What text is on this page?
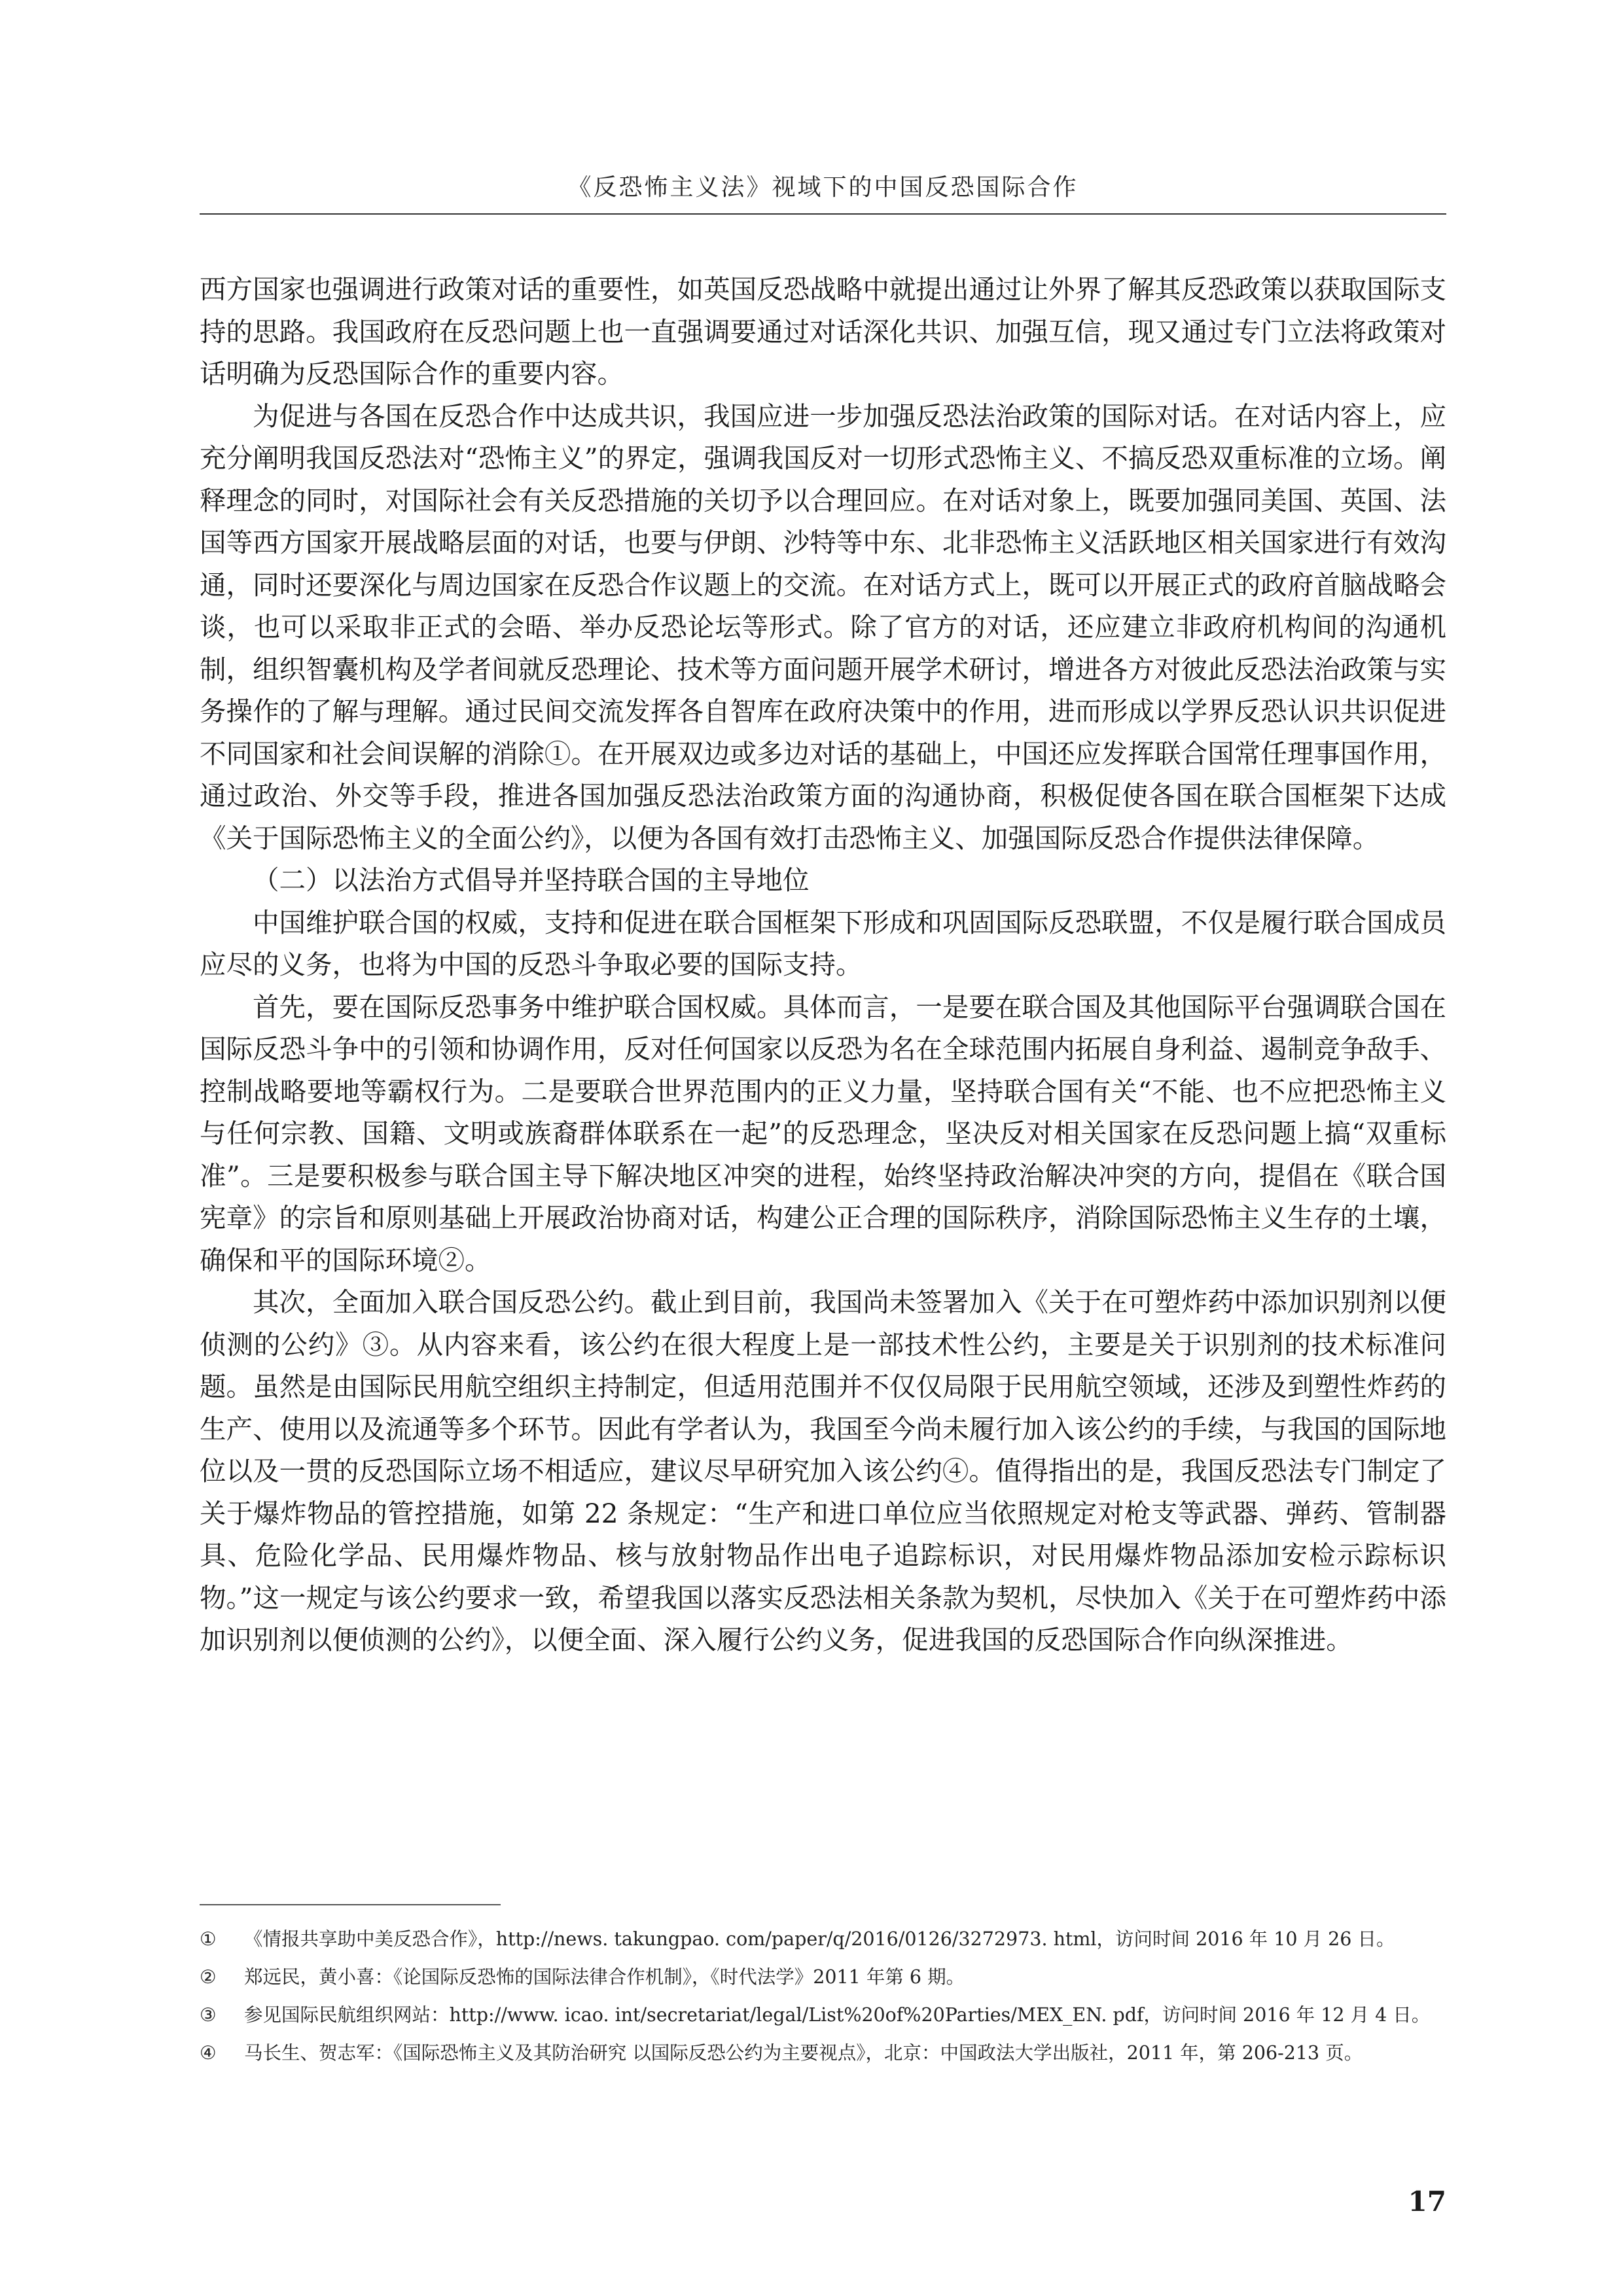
《反恐怖主义法》视域下的中国反恐国际合作

西方国家也强调进行政策对话的重要性，如英国反恐战略中就提出通过让外界了解其反恐政策以获取国际支持的思路。我国政府在反恐问题上也一直强调要通过对话深化共识、加强互信，现又通过专门立法将政策对话明确为反恐国际合作的重要内容。

为促进与各国在反恐合作中达成共识，我国应进一步加强反恐法治政策的国际对话。在对话内容上，应充分阐明我国反恐法对“恐怖主义”的界定，强调我国反对一切形式恐怖主义、不搞反恐双重标准的立场。阐释理念的同时，对国际社会有关反恐措施的关切予以合理回应。在对话对象上，既要加强同美国、英国、法国等西方国家开展战略层面的对话，也要与伊朗、沙特等中东、北非恐怖主义活跃地区相关国家进行有效沟通，同时还要深化与周边国家在反恐合作议题上的交流。在对话方式上，既可以开展正式的政府首脑战略会谈，也可以采取非正式的会晤、举办反恐论坛等形式。除了官方的对话，还应建立非政府机构间的沟通机制，组织智囊机构及学者间就反恐理论、技术等方面问题开展学术研讨，增进各方对彼此反恐法治政策与实务操作的了解与理解。通过民间交流发挥各自智库在政府决策中的作用，进而形成以学界反恐认识共识促进不同国家和社会间误解的消除①。在开展双边或多边对话的基础上，中国还应发挥联合国常任理事国作用，通过政治、外交等手段，推进各国加强反恐法治政策方面的沟通协商，积极促使各国在联合国框架下达成《关于国际恐怖主义的全面公约》，以便为各国有效打击恐怖主义、加强国际反恐合作提供法律保障。

（二）以法治方式倡导并坚持联合国的主导地位

中国维护联合国的权威，支持和促进在联合国框架下形成和巩固国际反恐联盟，不仅是履行联合国成员应尽的义务，也将为中国的反恐斗争取必要的国际支持。

首先，要在国际反恐事务中维护联合国权威。具体而言，一是要在联合国及其他国际平台强调联合国在国际反恐斗争中的引领和协调作用，反对任何国家以反恐为名在全球范围内拓展自身利益、遏制竞争敌手、控制战略要地等霸权行为。二是要联合世界范围内的正义力量，坚持联合国有关“不能、也不应把恐怖主义与任何宗教、国籍、文明或族裔群体联系在一起”的反恐理念，坚决反对相关国家在反恐问题上搞“双重标准”。三是要积极参与联合国主导下解决地区冲突的进程，始终坚持政治解决冲突的方向，提倡在《联合国宪章》的宗旨和原则基础上开展政治协商对话，构建公正合理的国际秩序，消除国际恐怖主义生存的土壤，确保和平的国际环境②。

其次，全面加入联合国反恐公约。截止到目前，我国尚未签署加入《关于在可塑炸药中添加识别剂以便侦测的公约》③。从内容来看，该公约在很大程度上是一部技术性公约，主要是关于识别剂的技术标准问题。虽然是由国际民用航空组织主持制定，但适用范围并不仅仅局限于民用航空领域，还涉及到塑性炸药的生产、使用以及流通等多个环节。因此有学者认为，我国至今尚未履行加入该公约的手续，与我国的国际地位以及一贯的反恐国际立场不相适应，建议尽早研究加入该公约④。值得指出的是，我国反恐法专门制定了关于爆炸物品的管控措施，如第 22 条规定：“生产和进口单位应当依照规定对枪支等武器、弹药、管制器具、危险化学品、民用爆炸物品、核与放射物品作出电子追踪标识，对民用爆炸物品添加安检示踪标识物。”这一规定与该公约要求一致，希望我国以落实反恐法相关条款为契机，尽快加入《关于在可塑炸药中添加识别剂以便侦测的公约》，以便全面、深入履行公约义务，促进我国的反恐国际合作向纵深推进。

①	《情报共享助中美反恐合作》，http://news. takungpao. com/paper/q/2016/0126/3272973. html，访问时间 2016 年 10 月 26 日。
②	郑远民，黄小喜：《论国际反恐怖的国际法律合作机制》，《时代法学》2011 年第 6 期。
③	参见国际民航组织网站：http://www. icao. int/secretariat/legal/List%20of%20Parties/MEX_EN. pdf，访问时间 2016 年 12 月 4 日。
④	马长生、贺志军：《国际恐怖主义及其防治研究 以国际反恐公约为主要视点》，北京：中国政法大学出版社，2011 年，第 206-213 页。
17
